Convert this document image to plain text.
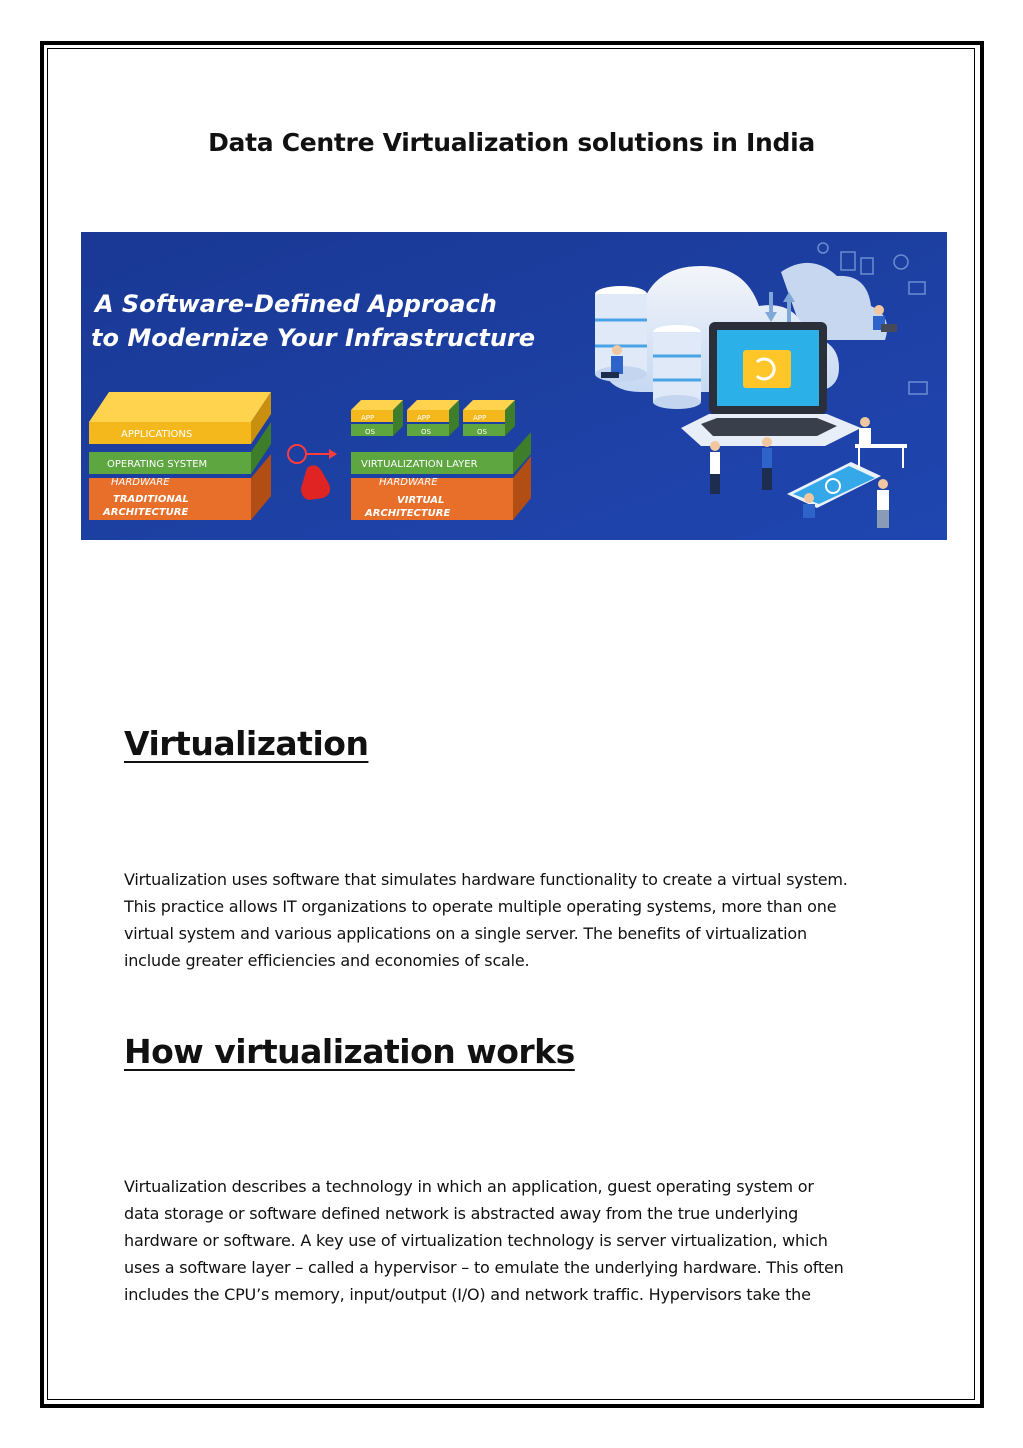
Data Centre Virtualization solutions in India
A Software-Defined Approach
to Modernize Your Infrastructure
APPLICATIONS
OPERATING SYSTEM
HARDWARE
TRADITIONAL
ARCHITECTURE
APP
OS
APP
OS
APP
OS
VIRTUALIZATION LAYER
HARDWARE
VIRTUAL
ARCHITECTURE
Virtualization
Virtualization uses software that simulates hardware functionality to create a virtual system.
This practice allows IT organizations to operate multiple operating systems, more than one
virtual system and various applications on a single server. The benefits of virtualization
include greater efficiencies and economies of scale.
How virtualization works
Virtualization describes a technology in which an application, guest operating system or
data storage or software defined network is abstracted away from the true underlying
hardware or software. A key use of virtualization technology is server virtualization, which
uses a software layer – called a hypervisor – to emulate the underlying hardware. This often
includes the CPU’s memory, input/output (I/O) and network traffic. Hypervisors take the
